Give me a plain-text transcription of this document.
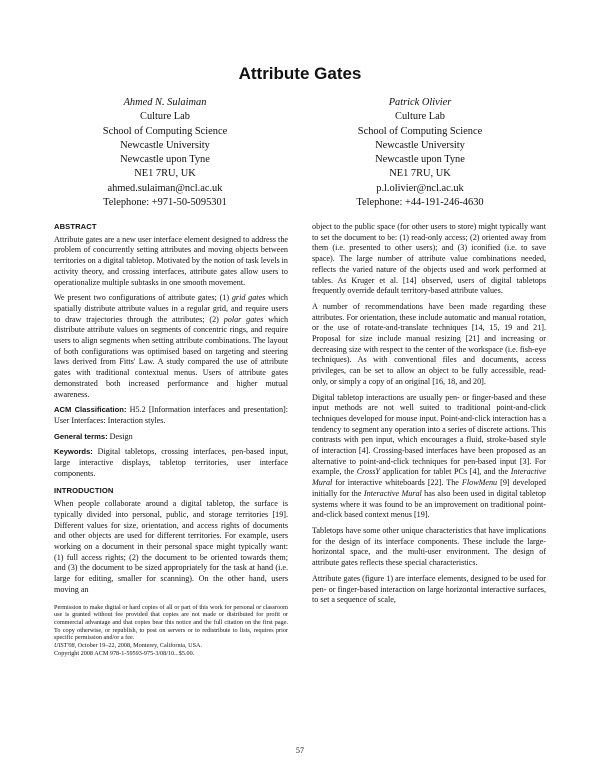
Attribute Gates
Ahmed N. Sulaiman
Culture Lab
School of Computing Science
Newcastle University
Newcastle upon Tyne
NE1 7RU, UK
ahmed.sulaiman@ncl.ac.uk
Telephone: +971-50-5095301
Patrick Olivier
Culture Lab
School of Computing Science
Newcastle University
Newcastle upon Tyne
NE1 7RU, UK
p.l.olivier@ncl.ac.uk
Telephone: +44-191-246-4630
ABSTRACT

Attribute gates are a new user interface element designed to address the problem of concurrently setting attributes and moving objects between territories on a digital tabletop. Motivated by the notion of task levels in activity theory, and crossing interfaces, attribute gates allow users to operationalize multiple subtasks in one smooth movement.

We present two configurations of attribute gates; (1) grid gates which spatially distribute attribute values in a regular grid, and require users to draw trajectories through the attributes; (2) polar gates which distribute attribute values on segments of concentric rings, and require users to align segments when setting attribute combinations. The layout of both configurations was optimised based on targeting and steering laws derived from Fitts' Law. A study compared the use of attribute gates with traditional contextual menus. Users of attribute gates demonstrated both increased performance and higher mutual awareness.

ACM Classification: H5.2 [Information interfaces and presentation]: User Interfaces: Interaction styles.

General terms: Design

Keywords: Digital tabletops, crossing interfaces, pen-based input, large interactive displays, tabletop territories, user interface components.

INTRODUCTION

When people collaborate around a digital tabletop, the surface is typically divided into personal, public, and storage territories [19]. Different values for size, orientation, and access rights of documents and other objects are used for different territories. For example, users working on a document in their personal space might typically want: (1) full access rights; (2) the document to be oriented towards them; and (3) the document to be sized appropriately for the task at hand (i.e. large for editing, smaller for scanning). On the other hand, users moving an

Permission to make digital or hard copies of all or part of this work for personal or classroom use is granted without fee provided that copies are not made or distributed for profit or commercial advantage and that copies bear this notice and the full citation on the first page. To copy otherwise, or republish, to post on servers or to redistribute to lists, requires prior specific permission and/or a fee.
UIST'08, October 19–22, 2008, Monterey, California, USA.
Copyright 2008 ACM 978-1-59593-975-3/08/10...$5.00.

object to the public space (for other users to store) might typically want to set the document to be: (1) read-only access; (2) oriented away from them (i.e. presented to other users); and (3) iconified (i.e. to save space). The large number of attribute value combinations needed, reflects the varied nature of the objects used and work performed at tables. As Kruger et al. [14] observed, users of digital tabletops frequently override default territory-based attribute values.

A number of recommendations have been made regarding these attributes. For orientation, these include automatic and manual rotation, or the use of rotate-and-translate techniques [14, 15, 19 and 21]. Proposal for size include manual resizing [21] and increasing or decreasing size with respect to the center of the workspace (i.e. fish-eye techniques). As with conventional files and documents, access privileges, can be set to allow an object to be fully accessible, read-only, or simply a copy of an original [16, 18, and 20].

Digital tabletop interactions are usually pen- or finger-based and these input methods are not well suited to traditional point-and-click techniques developed for mouse input. Point-and-click interaction has a tendency to segment any operation into a series of discrete actions. This contrasts with pen input, which encourages a fluid, stroke-based style of interaction [4]. Crossing-based interfaces have been proposed as an alternative to point-and-click techniques for pen-based input [3]. For example, the CrossY application for tablet PCs [4], and the Interactive Mural for interactive whiteboards [22]. The FlowMenu [9] developed initially for the Interactive Mural has also been used in digital tabletop systems where it was found to be an improvement on traditional point-and-click based context menus [19].

Tabletops have some other unique characteristics that have implications for the design of its interface components. These include the large-horizontal space, and the multi-user environment. The design of attribute gates reflects these special characteristics.

Attribute gates (figure 1) are interface elements, designed to be used for pen- or finger-based interaction on large horizontal interactive surfaces, to set a sequence of scale,

57
